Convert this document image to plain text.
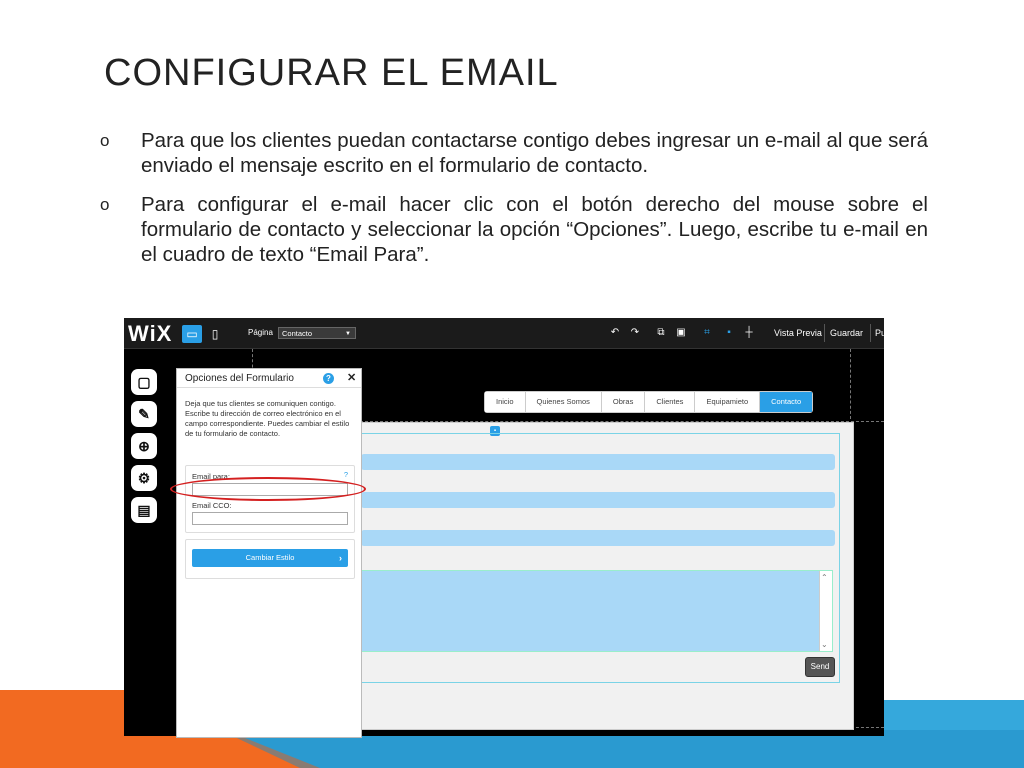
CONFIGURAR EL EMAIL
o Para que los clientes puedan contactarse contigo debes ingresar un e-mail al que será enviado el mensaje escrito en el formulario de contacto.
o Para configurar el e-mail hacer clic con el botón derecho del mouse sobre el formulario de contacto y seleccionar la opción “Opciones”. Luego, escribe tu e-mail en el cuadro de texto “Email Para”.
WiX	▭	▯	Página	Contacto	▼	↶ ↷	⧉	▣	⌗	▪	┼	Vista Previa Guardar Pu
▢
✎
⊕
⚙
▤
Inicio	Quienes Somos	Obras	Clientes	Equipamieto	Contacto
▪
⌃
⌄
Send
Opciones del Formulario	? ✕
Deja que tus clientes se comuniquen contigo. Escribe tu dirección de correo electrónico en el campo correspondiente. Puedes cambiar el estilo de tu formulario de contacto.
Email para:	?
Email CCO:
Cambiar Estilo	›
